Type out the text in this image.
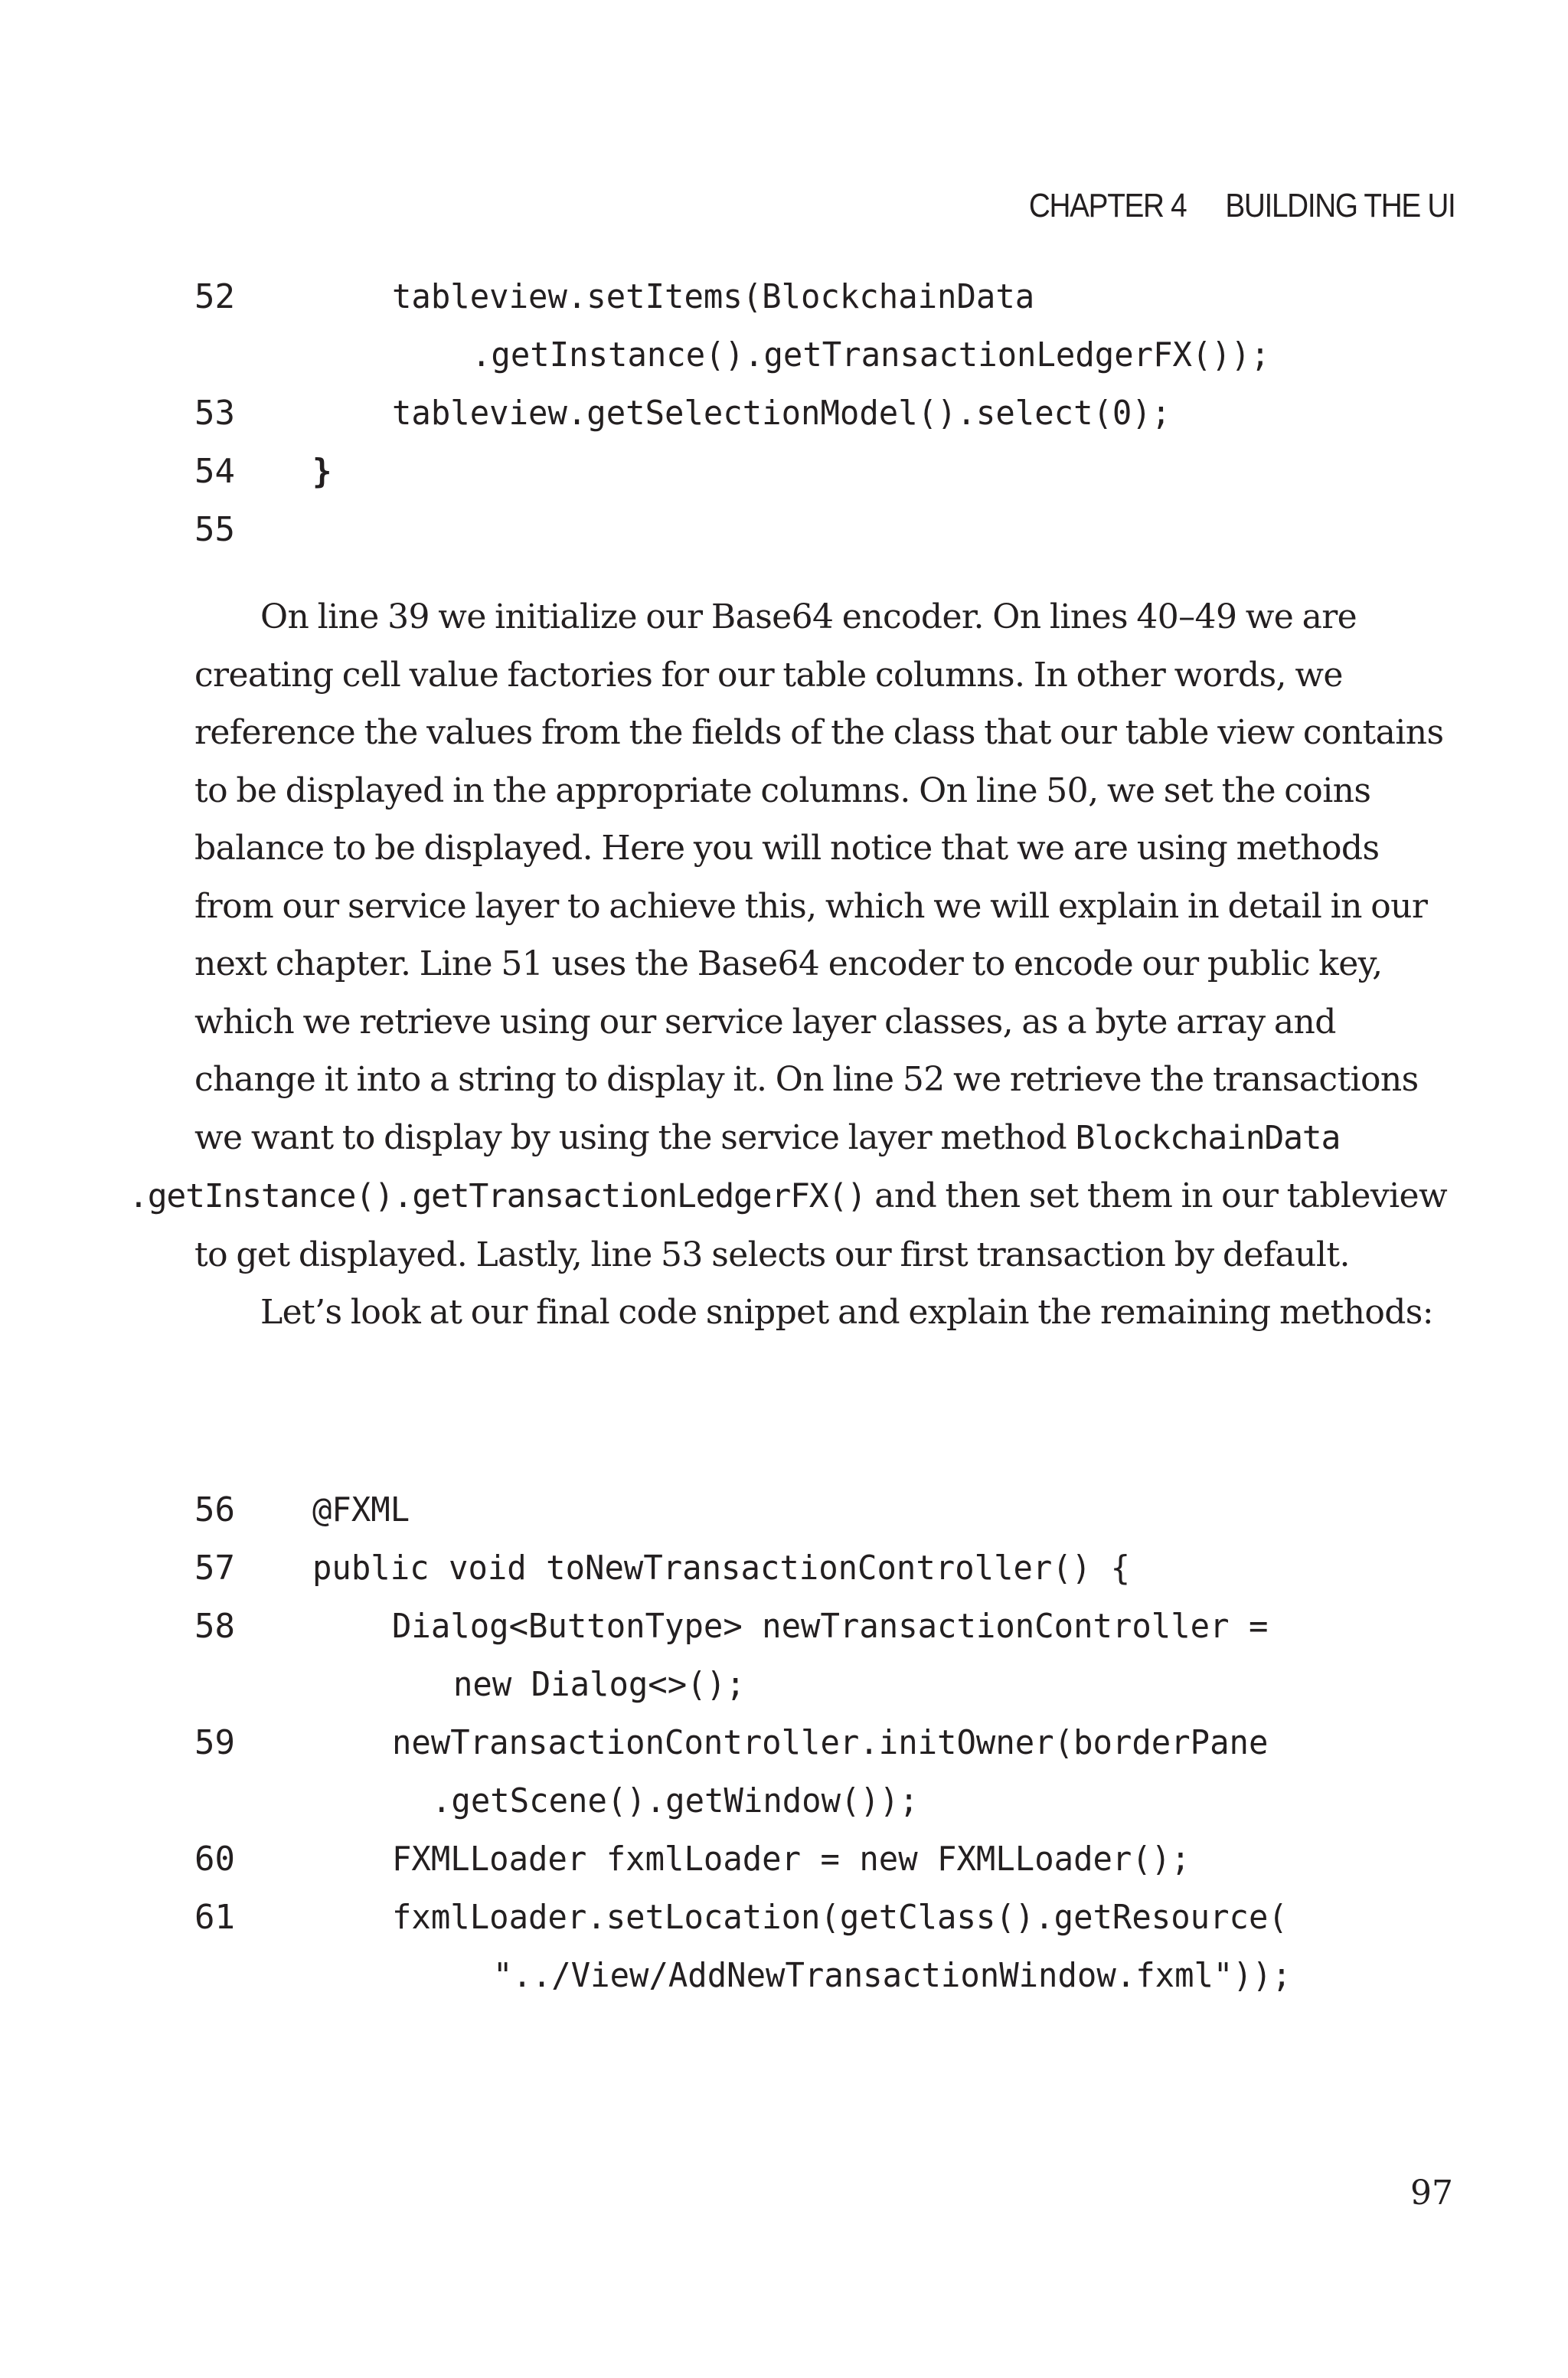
CHAPTER 4 BUILDING THE UI
52	tableview.setItems(BlockchainData
.getInstance().getTransactionLedgerFX());
53	tableview.getSelectionModel().select(0);
54	}
55

On line 39 we initialize our Base64 encoder. On lines 40–49 we are creating cell value factories for our table columns. In other words, we reference the values from the fields of the class that our table view contains to be displayed in the appropriate columns. On line 50, we set the coins balance to be displayed. Here you will notice that we are using methods from our service layer to achieve this, which we will explain in detail in our next chapter. Line 51 uses the Base64 encoder to encode our public key, which we retrieve using our service layer classes, as a byte array and change it into a string to display it. On line 52 we retrieve the transactions we want to display by using the service layer method BlockchainData
.getInstance().getTransactionLedgerFX() and then set them in our tableview to get displayed. Lastly, line 53 selects our first transaction by default.

Let’s look at our final code snippet and explain the remaining methods:

56	@FXML
57	public void toNewTransactionController() {
58	Dialog<ButtonType> newTransactionController =
new Dialog<>();
59	newTransactionController.initOwner(borderPane
.getScene().getWindow());
60	FXMLLoader fxmlLoader = new FXMLLoader();
61	fxmlLoader.setLocation(getClass().getResource(
"../View/AddNewTransactionWindow.fxml"));
97
